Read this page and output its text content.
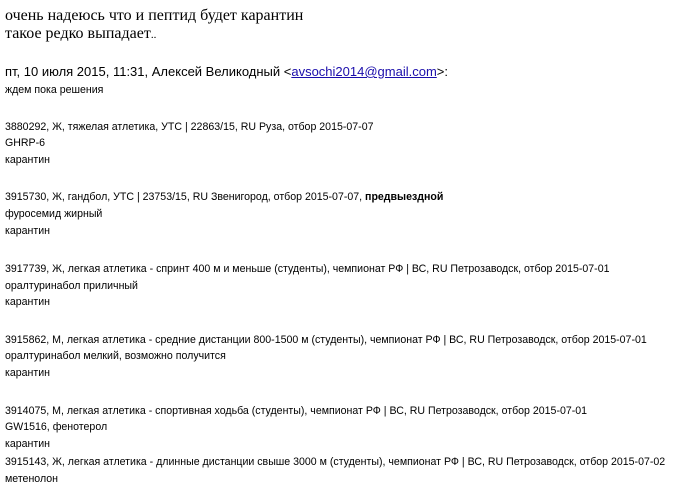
очень надеюсь что и пептид будет карантин
такое редко выпадает..
пт, 10 июля 2015, 11:31, Алексей Великодный <avsochi2014@gmail.com>:
ждем пока решения
3880292, Ж, тяжелая атлетика, УТС | 22863/15, RU Руза, отбор 2015-07-07
GHRP-6
карантин
3915730, Ж, гандбол, УТС | 23753/15, RU Звенигород, отбор 2015-07-07, предвыездной
фуросемид жирный
карантин
3917739, Ж, легкая атлетика - спринт 400 м и меньше (студенты), чемпионат РФ | ВС, RU Петрозаводск, отбор 2015-07-01
оралтуринабол приличный
карантин
3915862, М, легкая атлетика - средние дистанции 800-1500 м (студенты), чемпионат РФ | ВС, RU Петрозаводск, отбор 2015-07-01
оралтуринабол мелкий, возможно получится
карантин
3914075, М, легкая атлетика - спортивная ходьба (студенты), чемпионат РФ | ВС, RU Петрозаводск, отбор 2015-07-01
GW1516, фенотерол
карантин
3915143, Ж, легкая атлетика - длинные дистанции свыше 3000 м (студенты), чемпионат РФ | ВС, RU Петрозаводск, отбор 2015-07-02
метенолон
